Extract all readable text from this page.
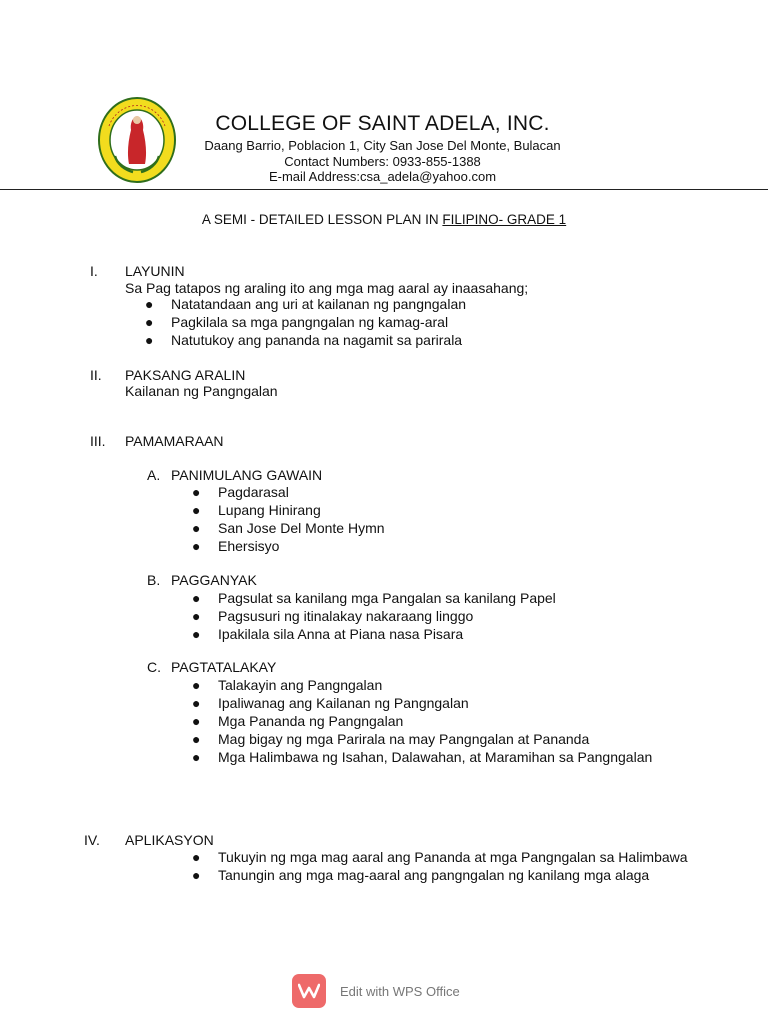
COLLEGE OF SAINT ADELA, INC.
Daang Barrio, Poblacion 1, City San Jose Del Monte, Bulacan
Contact Numbers: 0933-855-1388
E-mail Address:csa_adela@yahoo.com
A SEMI - DETAILED LESSON PLAN IN FILIPINO- GRADE 1
I. LAYUNIN
Sa Pag tatapos ng araling ito ang mga mag aaral ay inaasahang;
● Natatandaan ang uri at kailanan ng pangngalan
● Pagkilala sa mga pangngalan ng kamag-aral
● Natutukoy ang pananda na nagamit sa parirala
II. PAKSANG ARALIN
Kailanan ng Pangngalan
III. PAMAMARAAN
A. PANIMULANG GAWAIN
● Pagdarasal
● Lupang Hinirang
● San Jose Del Monte Hymn
● Ehersisyo
B. PAGGANYAK
● Pagsulat sa kanilang mga Pangalan sa kanilang Papel
● Pagsusuri ng itinalakay nakaraang linggo
● Ipakilala sila Anna at Piana nasa Pisara
C. PAGTATALAKAY
● Talakayin ang Pangngalan
● Ipaliwanag ang Kailanan ng Pangngalan
● Mga Pananda ng Pangngalan
● Mag bigay ng mga Parirala na may Pangngalan at Pananda
● Mga Halimbawa ng Isahan, Dalawahan, at Maramihan sa Pangngalan
IV. APLIKASYON
● Tukuyin ng mga mag aaral ang Pananda at mga Pangngalan sa Halimbawa
● Tanungin ang mga mag-aaral ang pangngalan ng kanilang mga alaga
Edit with WPS Office
